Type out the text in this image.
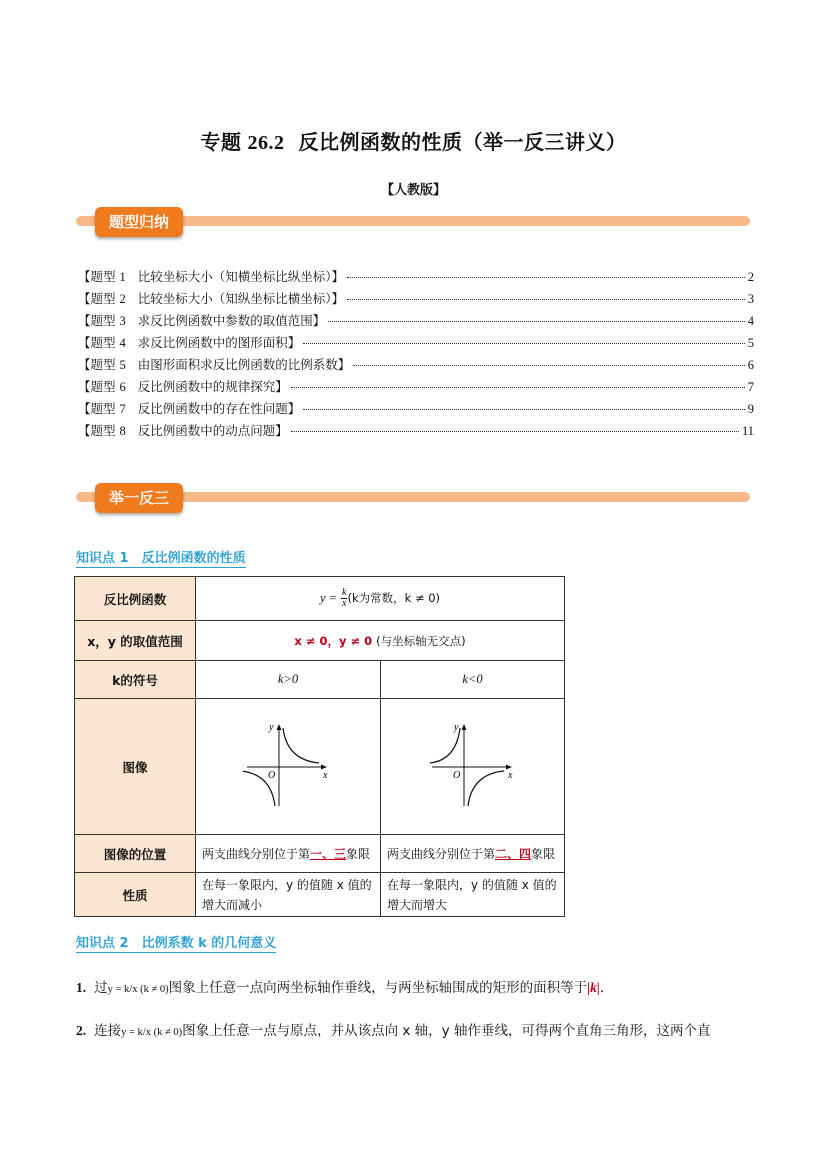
专题 26.2 反比例函数的性质（举一反三讲义）
【人教版】
题型归纳
【题型 1 比较坐标大小（知横坐标比纵坐标）】	2
【题型 2 比较坐标大小（知纵坐标比横坐标）】	3
【题型 3 求反比例函数中参数的取值范围】	4
【题型 4 求反比例函数中的图形面积】	5
【题型 5 由图形面积求反比例函数的比例系数】	6
【题型 6 反比例函数中的规律探究】	7
【题型 7 反比例函数中的存在性问题】	9
【题型 8 反比例函数中的动点问题】	11
举一反三
知识点 1　反比例函数的性质
反比例函数	$y = \frac{k}{x} (k$为常数，k ≠ 0)	
x，y 的取值范围	x ≠ 0，y ≠ 0 (与坐标轴无交点)	
k的符号	k>0	k<0
图像	y
x
O	y
x
O

图像的位置	两支曲线分别位于第一、三象限	两支曲线分别位于第二、四象限
性质	在每一象限内，y 的值随 x 值的增大而减小	在每一象限内，y 的值随 x 值的增大而增大
知识点 2　比例系数 k 的几何意义
1. 过y = k/x (k ≠ 0)图象上任意一点向两坐标轴作垂线，与两坐标轴围成的矩形的面积等于|k|.
2. 连接y = k/x (k ≠ 0)图象上任意一点与原点，并从该点向 x 轴，y 轴作垂线，可得两个直角三角形，这两个直
